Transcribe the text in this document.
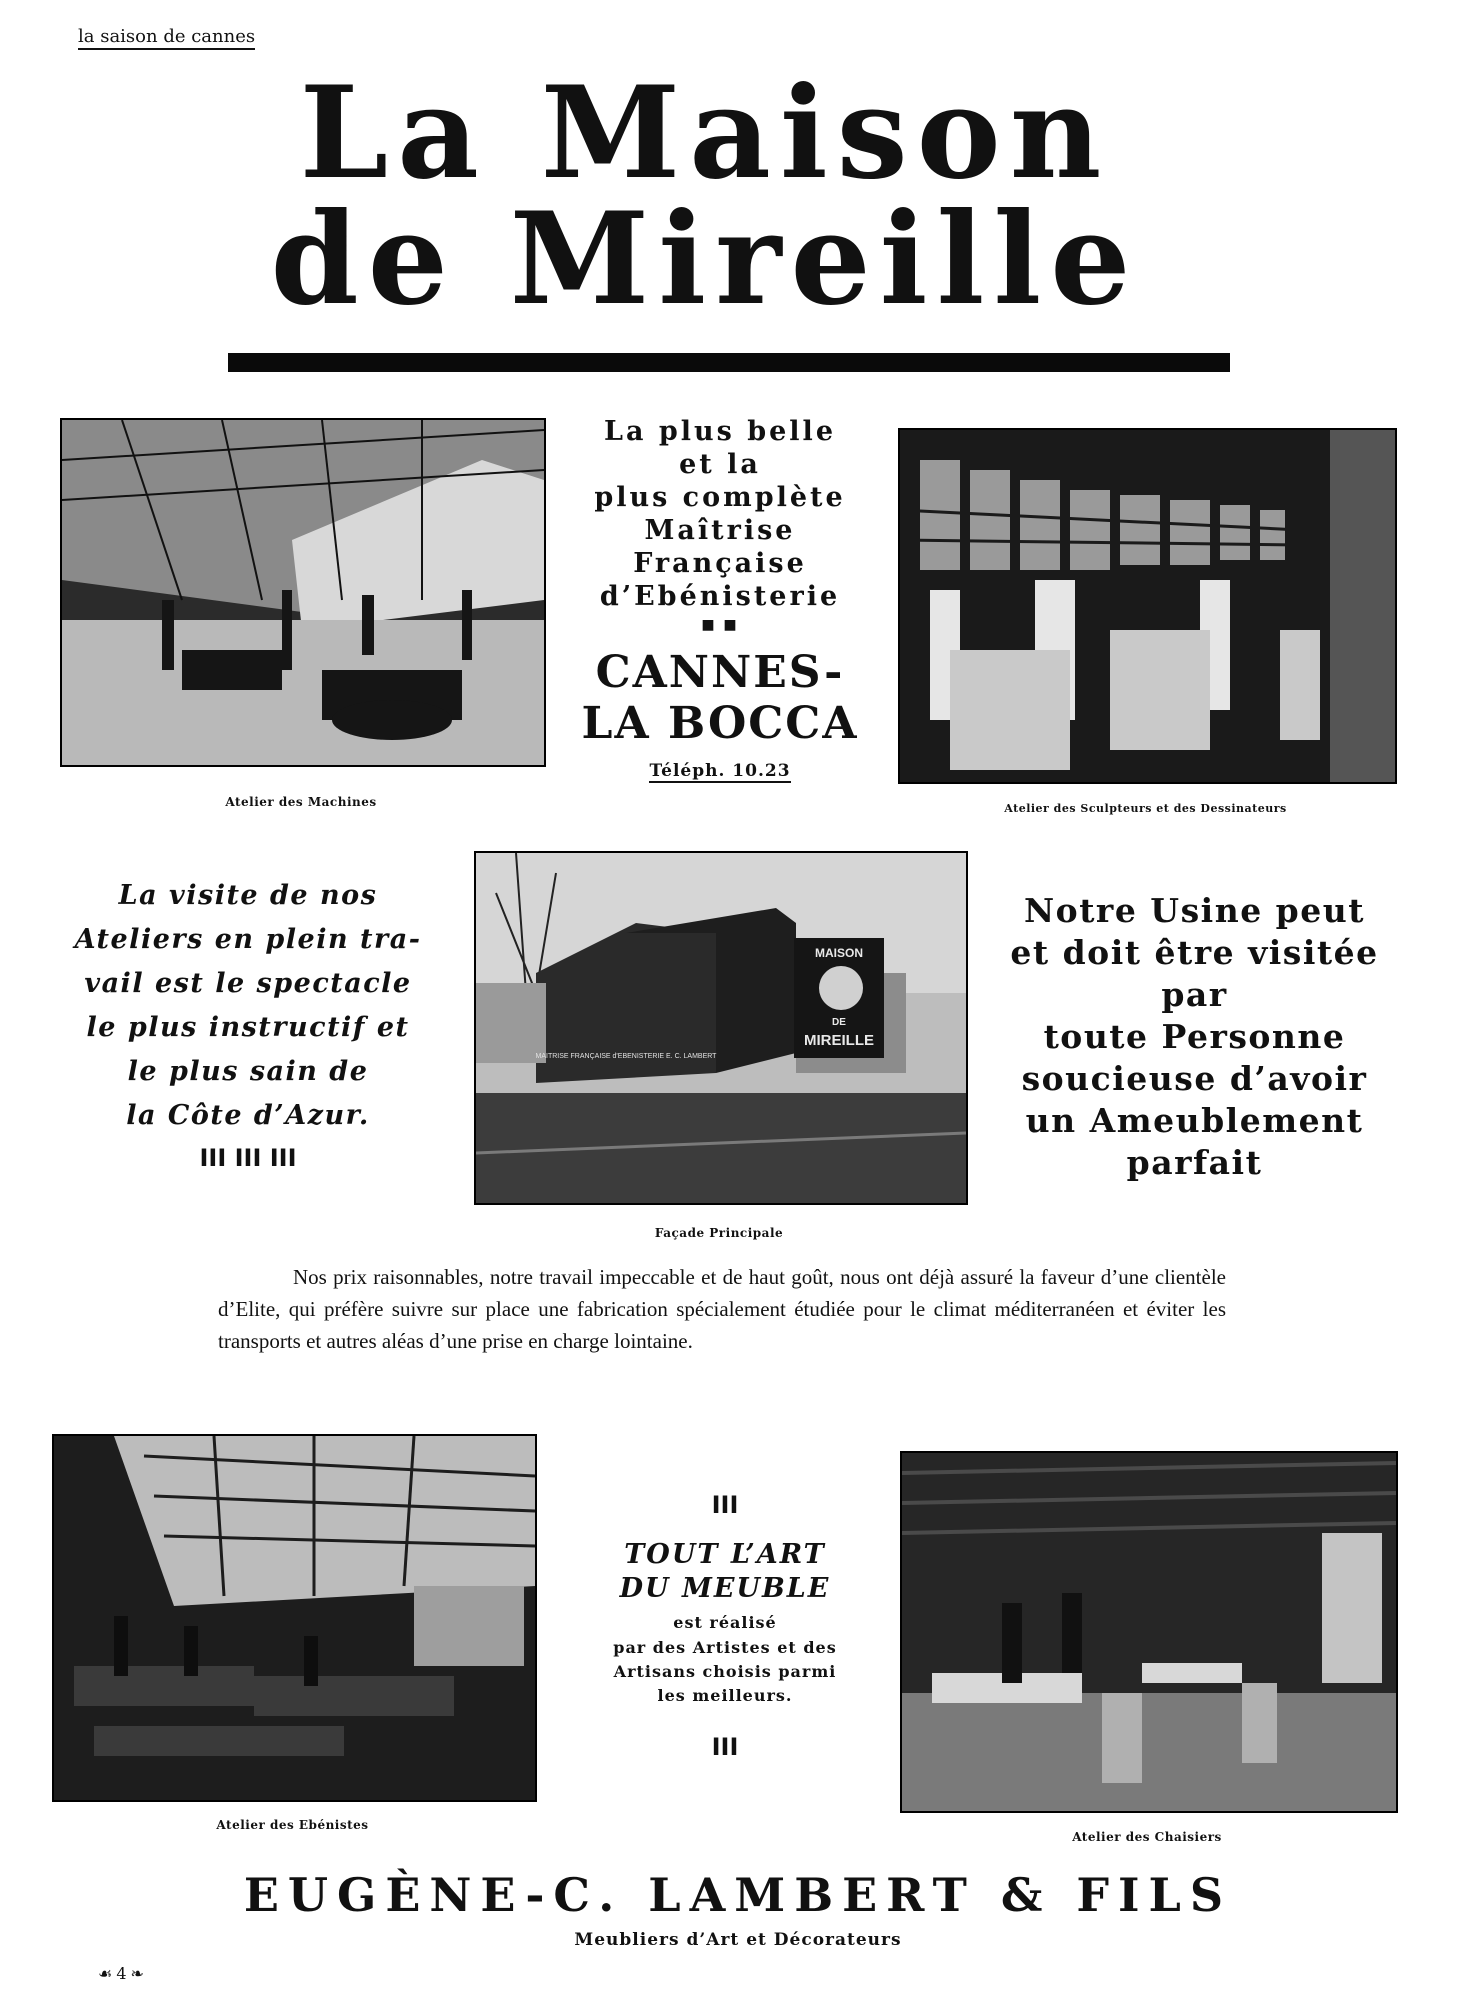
la saison de cannes
La Maison
de Mireille
Atelier des Machines
La plus belle
et la
plus complète
Maîtrise
Française
d’Ebénisterie
■ ■
CANNES-
LA BOCCA
Téléph. 10.23
Atelier des Sculpteurs et des Dessinateurs
La visite de nos
Ateliers en plein tra-
vail est le spectacle
le plus instructif et
le plus sain de
la Côte d’Azur.
III III III
MAISON
DE
MIREILLE
MAITRISE FRANÇAISE d'EBENISTERIE E. C. LAMBERT
Façade Principale
Notre Usine peut
et doit être visitée
par
toute Personne
soucieuse d’avoir
un Ameublement
parfait
Nos prix raisonnables, notre travail impeccable et de haut goût, nous ont déjà assuré la faveur d’une clientèle d’Elite, qui préfère suivre sur place une fabrication spécialement étudiée pour le climat méditerranéen et éviter les transports et autres aléas d’une prise en charge lointaine.
Atelier des Ebénistes
III
TOUT L’ART
DU MEUBLE
est réalisé
par des Artistes et des
Artisans choisis parmi
les meilleurs.
III
Atelier des Chaisiers
EUGÈNE-C. LAMBERT & FILS
Meubliers d’Art et Décorateurs
☙ 4 ❧
